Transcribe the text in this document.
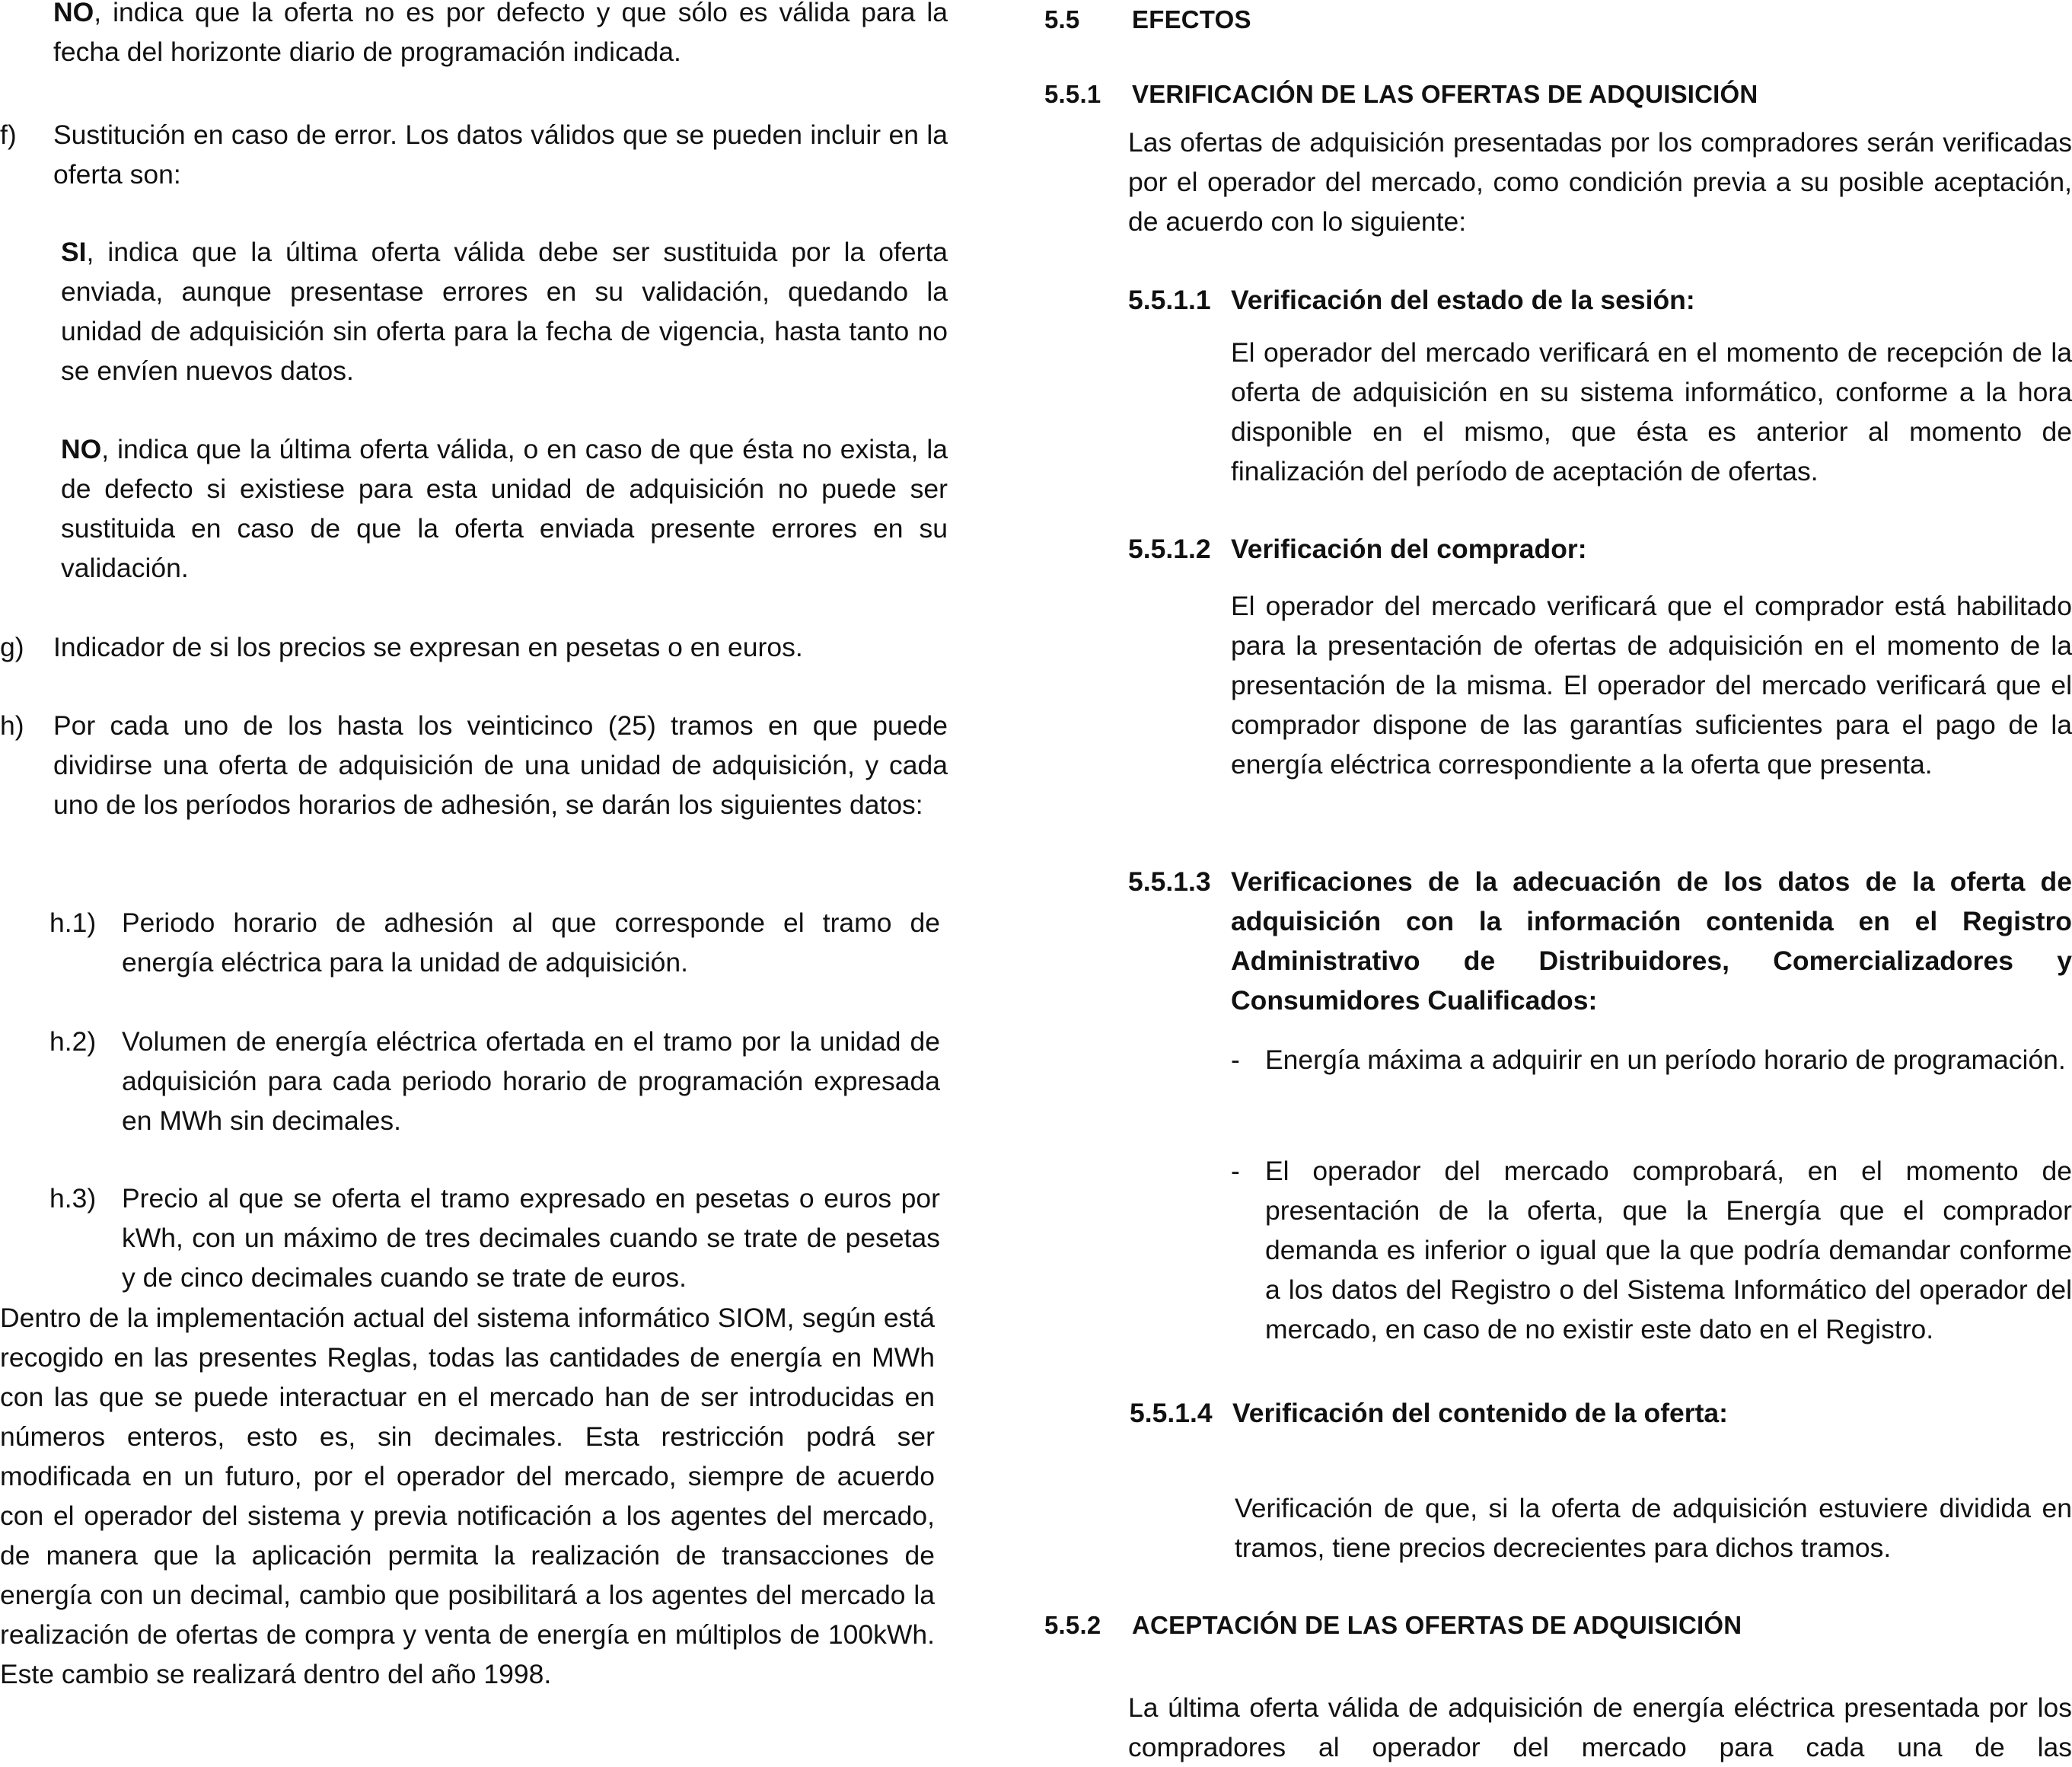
NO, indica que la oferta no es por defecto y que sólo es válida para la fecha del horizonte diario de programación indicada.

f) Sustitución en caso de error. Los datos válidos que se pueden incluir en la oferta son:

SI, indica que la última oferta válida debe ser sustituida por la oferta enviada, aunque presentase errores en su validación, quedando la unidad de adquisición sin oferta para la fecha de vigencia, hasta tanto no se envíen nuevos datos.

NO, indica que la última oferta válida, o en caso de que ésta no exista, la de defecto si existiese para esta unidad de adquisición no puede ser sustituida en caso de que la oferta enviada presente errores en su validación.

g) Indicador de si los precios se expresan en pesetas o en euros.

h) Por cada uno de los hasta los veinticinco (25) tramos en que puede dividirse una oferta de adquisición de una unidad de adquisición, y cada uno de los períodos horarios de adhesión, se darán los siguientes datos:

h.1) Periodo horario de adhesión al que corresponde el tramo de energía eléctrica para la unidad de adquisición.

h.2) Volumen de energía eléctrica ofertada en el tramo por la unidad de adquisición para cada periodo horario de programación expresada en MWh sin decimales.

h.3) Precio al que se oferta el tramo expresado en pesetas o euros por kWh, con un máximo de tres decimales cuando se trate de pesetas y de cinco decimales cuando se trate de euros.

Dentro de la implementación actual del sistema informático SIOM, según está recogido en las presentes Reglas, todas las cantidades de energía en MWh con las que se puede interactuar en el mercado han de ser introducidas en números enteros, esto es, sin decimales. Esta restricción podrá ser modificada en un futuro, por el operador del mercado, siempre de acuerdo con el operador del sistema y previa notificación a los agentes del mercado, de manera que la aplicación permita la realización de transacciones de energía con un decimal, cambio que posibilitará a los agentes del mercado la realización de ofertas de compra y venta de energía en múltiplos de 100kWh. Este cambio se realizará dentro del año 1998.

5.5 EFECTOS
5.5.1 VERIFICACIÓN DE LAS OFERTAS DE ADQUISICIÓN

Las ofertas de adquisición presentadas por los compradores serán verificadas por el operador del mercado, como condición previa a su posible aceptación, de acuerdo con lo siguiente:

5.5.1.1 Verificación del estado de la sesión:

El operador del mercado verificará en el momento de recepción de la oferta de adquisición en su sistema informático, conforme a la hora disponible en el mismo, que ésta es anterior al momento de finalización del período de aceptación de ofertas.

5.5.1.2 Verificación del comprador:

El operador del mercado verificará que el comprador está habilitado para la presentación de ofertas de adquisición en el momento de la presentación de la misma. El operador del mercado verificará que el comprador dispone de las garantías suficientes para el pago de la energía eléctrica correspondiente a la oferta que presenta.

5.5.1.3 Verificaciones de la adecuación de los datos de la oferta de adquisición con la información contenida en el Registro Administrativo de Distribuidores, Comercializadores y Consumidores Cualificados:

- Energía máxima a adquirir en un período horario de programación.

- El operador del mercado comprobará, en el momento de presentación de la oferta, que la Energía que el comprador demanda es inferior o igual que la que podría demandar conforme a los datos del Registro o del Sistema Informático del operador del mercado, en caso de no existir este dato en el Registro.

5.5.1.4 Verificación del contenido de la oferta:

Verificación de que, si la oferta de adquisición estuviere dividida en tramos, tiene precios decrecientes para dichos tramos.

5.5.2 ACEPTACIÓN DE LAS OFERTAS DE ADQUISICIÓN

La última oferta válida de adquisición de energía eléctrica presentada por los compradores al operador del mercado para cada una de las
